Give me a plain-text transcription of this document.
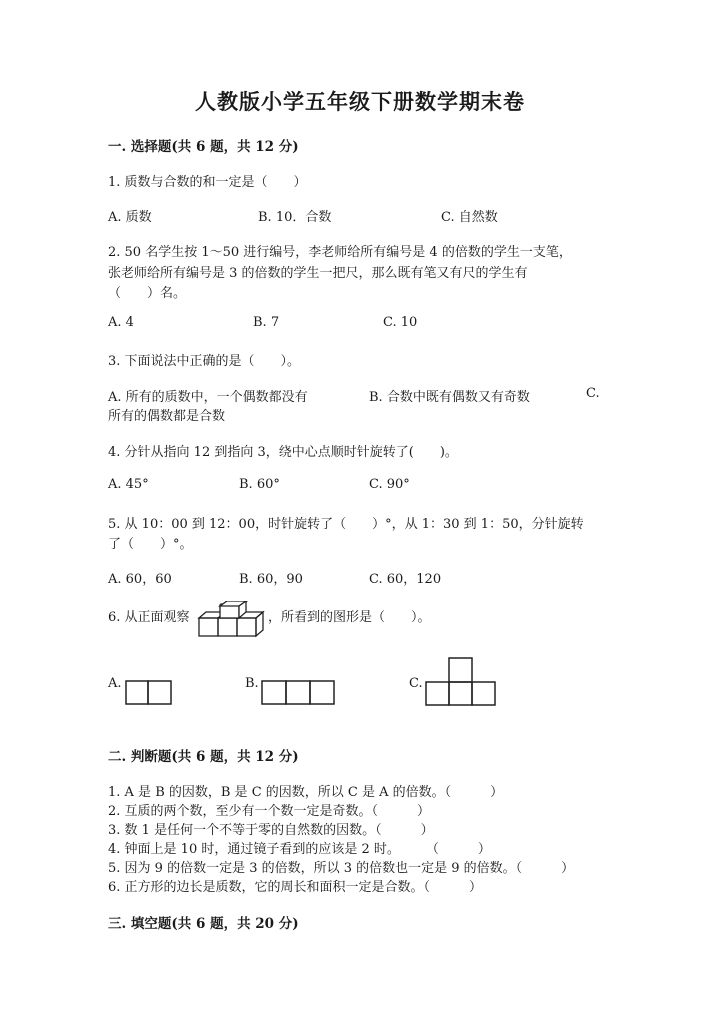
人教版小学五年级下册数学期末卷
一. 选择题(共 6 题，共 12 分)
1. 质数与合数的和一定是（　　）
A. 质数	B. 10．合数	C. 自然数
2. 50 名学生按 1～50 进行编号，李老师给所有编号是 4 的倍数的学生一支笔，
张老师给所有编号是 3 的倍数的学生一把尺，那么既有笔又有尺的学生有
（　　）名。
A. 4	B. 7	C. 10
3. 下面说法中正确的是（　　）。
A. 所有的质数中，一个偶数都没有	B. 合数中既有偶数又有奇数	C.
所有的偶数都是合数
4. 分针从指向 12 到指向 3，绕中心点顺时针旋转了(　　)。
A. 45°	B. 60°	C. 90°
5. 从 10：00 到 12：00，时针旋转了（　　）°，从 1：30 到 1：50，分针旋转
了（　　）°。
A. 60，60	B. 60，90	C. 60，120
6. 从正面观察	，所看到的图形是（　　）。
A.	B.	C.
二. 判断题(共 6 题，共 12 分)
1. A 是 B 的因数，B 是 C 的因数，所以 C 是 A 的倍数。（　　　）
2. 互质的两个数，至少有一个数一定是奇数。（　　　）
3. 数 1 是任何一个不等于零的自然数的因数。（　　　）
4. 钟面上是 10 时，通过镜子看到的应该是 2 时。　　　（　　　）
5. 因为 9 的倍数一定是 3 的倍数，所以 3 的倍数也一定是 9 的倍数。（　　　）
6. 正方形的边长是质数，它的周长和面积一定是合数。（　　　）
三. 填空题(共 6 题，共 20 分)
